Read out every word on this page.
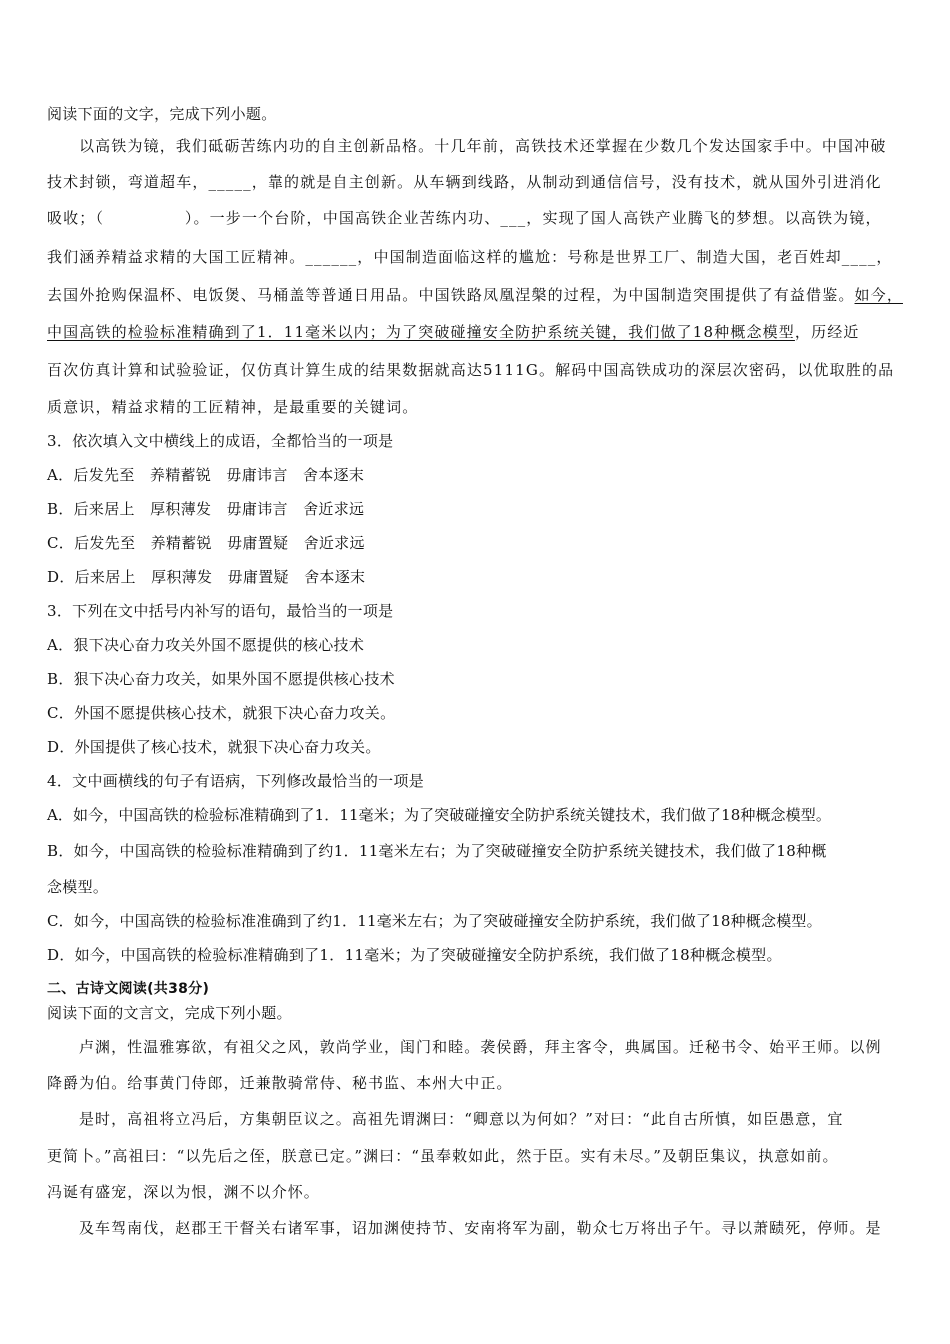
阅读下面的文字，完成下列小题。
以高铁为镜，我们砥砺苦练内功的自主创新品格。十几年前，高铁技术还掌握在少数几个发达国家手中。中国冲破
技术封锁，弯道超车，_____，靠的就是自主创新。从车辆到线路，从制动到通信信号，没有技术，就从国外引进消化
吸收；（　　　　　）。一步一个台阶，中国高铁企业苦练内功、___，实现了国人高铁产业腾飞的梦想。以高铁为镜，
我们涵养精益求精的大国工匠精神。______，中国制造面临这样的尴尬：号称是世界工厂、制造大国，老百姓却____，
去国外抢购保温杯、电饭煲、马桶盖等普通日用品。中国铁路凤凰涅槃的过程，为中国制造突围提供了有益借鉴。如今，
中国高铁的检验标准精确到了1．11毫米以内；为了突破碰撞安全防护系统关键，我们做了18种概念模型，历经近
百次仿真计算和试验验证，仅仿真计算生成的结果数据就高达5111G。解码中国高铁成功的深层次密码，以优取胜的品
质意识，精益求精的工匠精神，是最重要的关键词。
3．依次填入文中横线上的成语，全都恰当的一项是
A．后发先至　养精蓄锐　毋庸讳言　舍本逐末
B．后来居上　厚积薄发　毋庸讳言　舍近求远
C．后发先至　养精蓄锐　毋庸置疑　舍近求远
D．后来居上　厚积薄发　毋庸置疑　舍本逐末
3．下列在文中括号内补写的语句，最恰当的一项是
A．狠下决心奋力攻关外国不愿提供的核心技术
B．狠下决心奋力攻关，如果外国不愿提供核心技术
C．外国不愿提供核心技术，就狠下决心奋力攻关。
D．外国提供了核心技术，就狠下决心奋力攻关。
4．文中画横线的句子有语病，下列修改最恰当的一项是
A．如今，中国高铁的检验标准精确到了1．11毫米；为了突破碰撞安全防护系统关键技术，我们做了18种概念模型。
B．如今，中国高铁的检验标准精确到了约1．11毫米左右；为了突破碰撞安全防护系统关键技术，我们做了18种概
念模型。
C．如今，中国高铁的检验标准准确到了约1．11毫米左右；为了突破碰撞安全防护系统，我们做了18种概念模型。
D．如今，中国高铁的检验标准精确到了1．11毫米；为了突破碰撞安全防护系统，我们做了18种概念模型。
二、古诗文阅读(共38分)
阅读下面的文言文，完成下列小题。
卢渊，性温雅寡欲，有祖父之风，敦尚学业，闺门和睦。袭侯爵，拜主客令，典属国。迁秘书令、始平王师。以例
降爵为伯。给事黄门侍郎，迁兼散骑常侍、秘书监、本州大中正。
是时，高祖将立冯后，方集朝臣议之。高祖先谓渊曰：“卿意以为何如？”对曰：“此自古所慎，如臣愚意，宜
更简卜。”高祖曰：“以先后之侄，朕意已定。”渊曰：“虽奉敕如此，然于臣。实有未尽。”及朝臣集议，执意如前。
冯诞有盛宠，深以为恨，渊不以介怀。
及车驾南伐，赵郡王干督关右诸军事，诏加渊使持节、安南将军为副，勒众七万将出子午。寻以萧赜死，停师。是
